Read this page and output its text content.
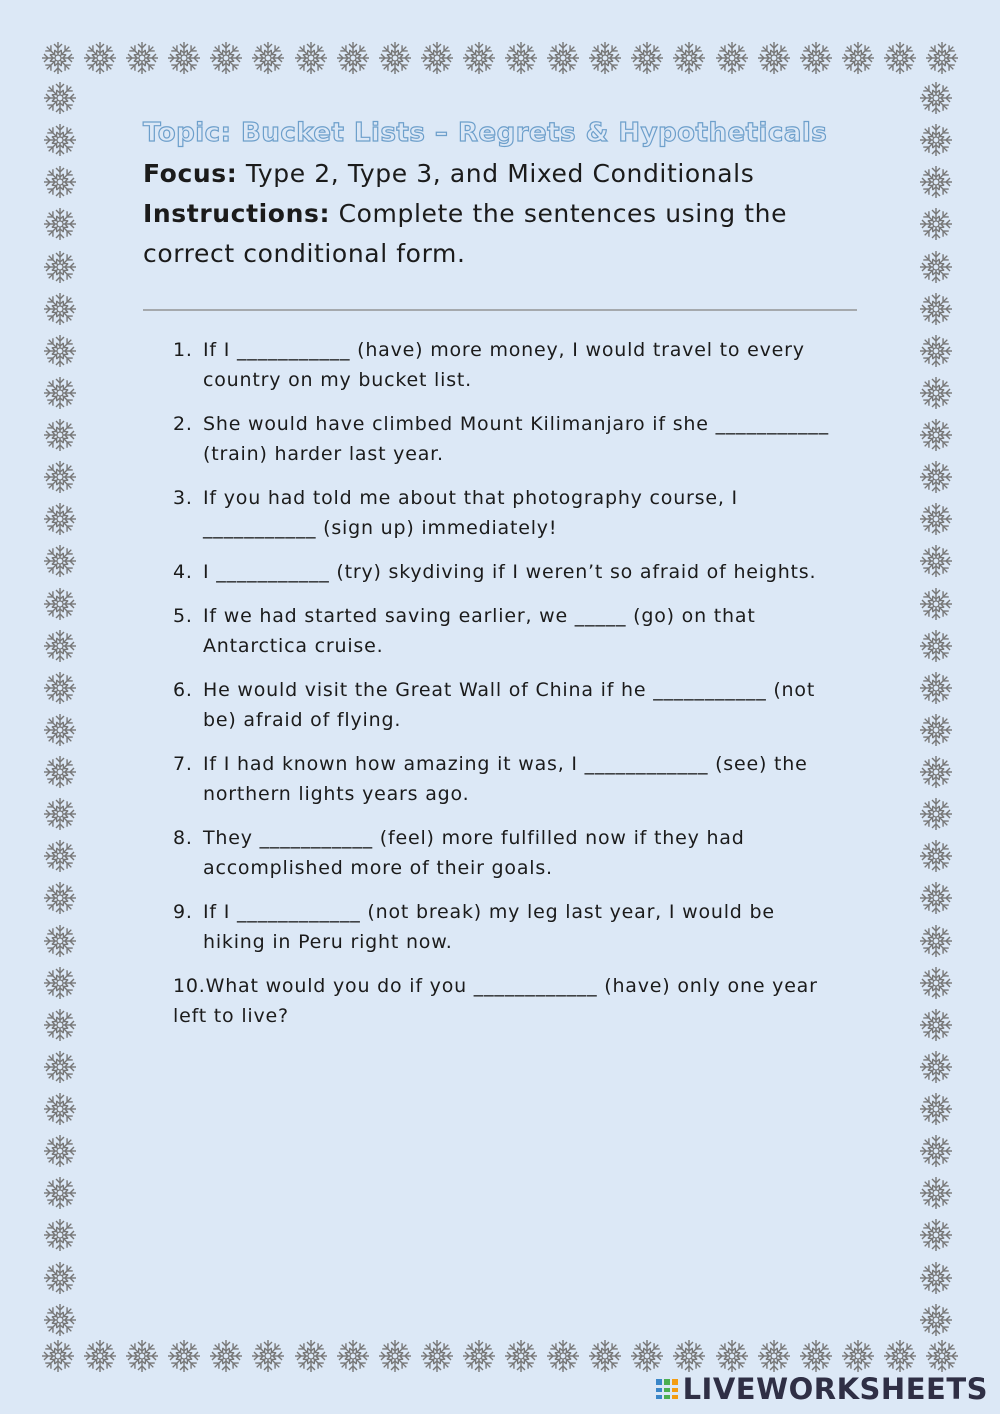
Topic: Bucket Lists – Regrets & Hypotheticals
Focus: Type 2, Type 3, and Mixed Conditionals
Instructions: Complete the sentences using the correct conditional form.
1. If I ___________ (have) more money, I would travel to every country on my bucket list.
2. She would have climbed Mount Kilimanjaro if she ___________ (train) harder last year.
3. If you had told me about that photography course, I ___________ (sign up) immediately!
4. I ___________ (try) skydiving if I weren’t so afraid of heights.
5. If we had started saving earlier, we _____ (go) on that Antarctica cruise.
6. He would visit the Great Wall of China if he ___________ (not be) afraid of flying.
7. If I had known how amazing it was, I ____________ (see) the northern lights years ago.
8. They ___________ (feel) more fulfilled now if they had accomplished more of their goals.
9. If I ____________ (not break) my leg last year, I would be hiking in Peru right now.
10.What would you do if you ____________ (have) only one year left to live?
LIVEWORKSHEETS
